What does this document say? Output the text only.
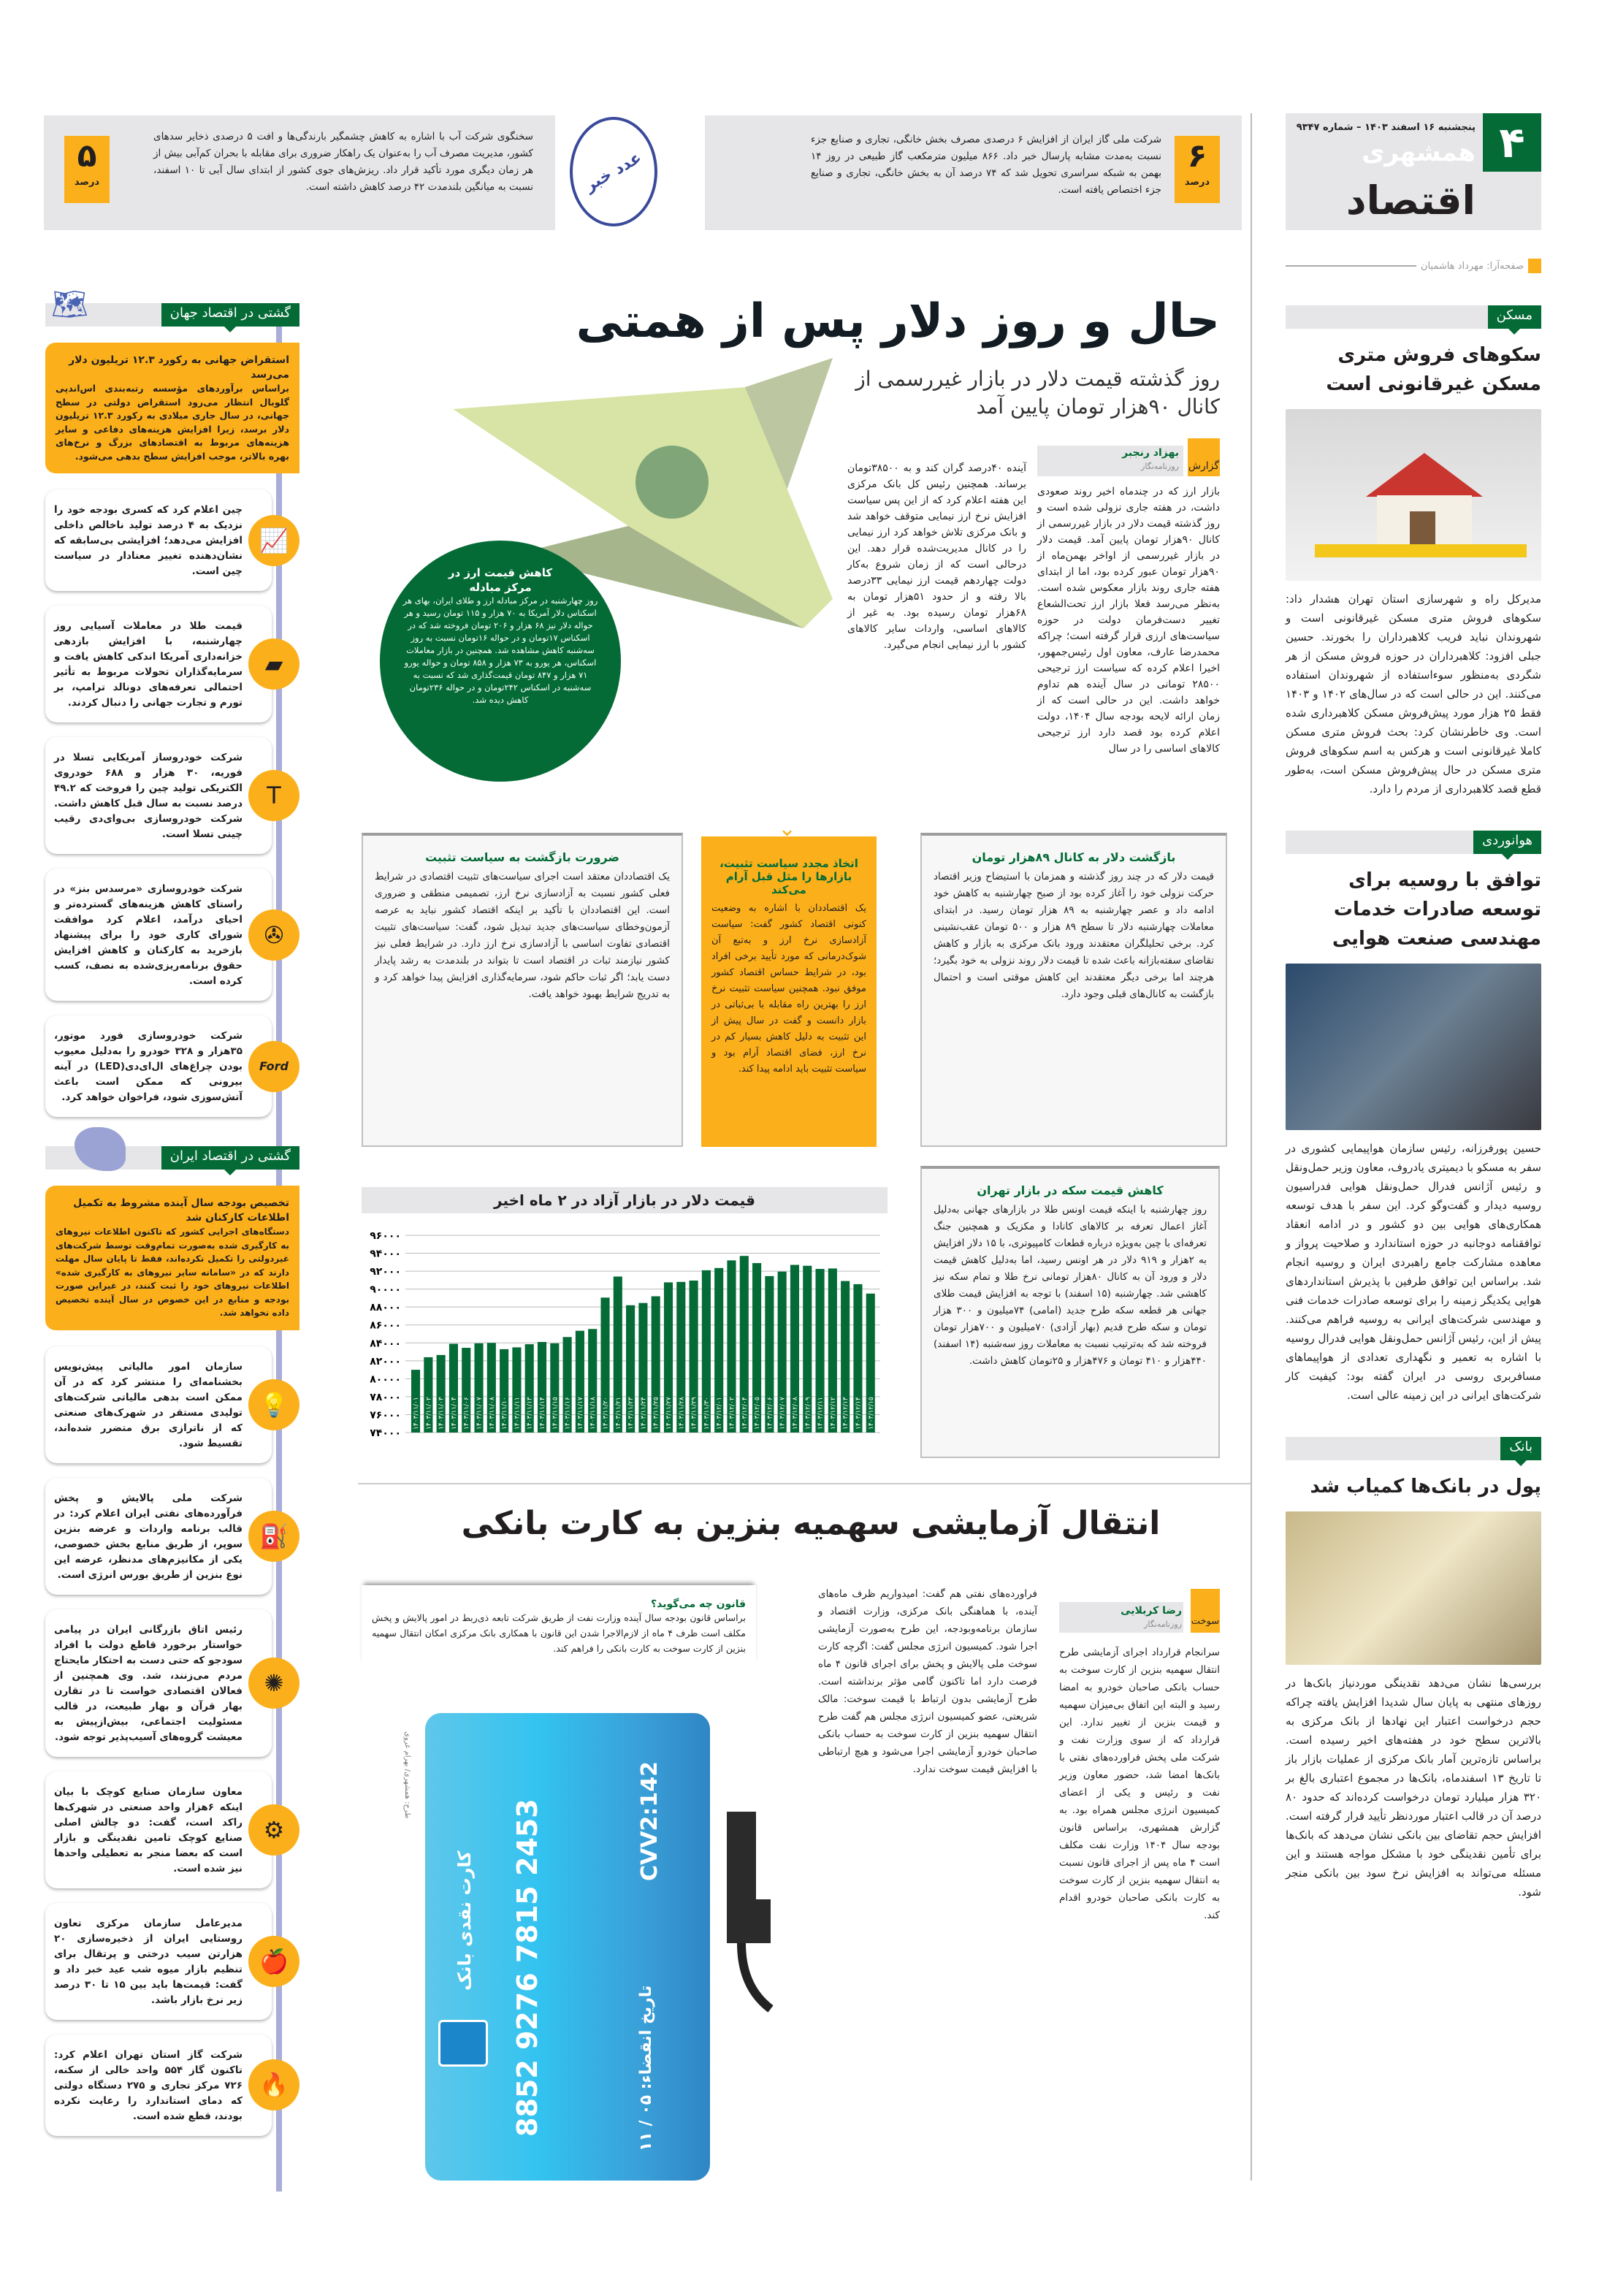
۴
پنجشنبه ۱۶ اسفند ۱۴۰۳ – شماره ۹۳۴۷
همشهری
اقتصاد
صفحه‌آرا: مهرداد هاشمیان
مسکن
سکوهای فروش متری مسکن غیرقانونی است
مدیرکل راه و شهرسازی استان تهران هشدار داد: سکوهای فروش متری مسکن غیرقانونی است و شهروندان نباید فریب کلاهبرداران را بخورند. حسین جبلی افزود: کلاهبرداران در حوزه فروش مسکن از هر شگردی به‌منظور سوءاستفاده از شهروندان استفاده می‌کنند. این در حالی است که در سال‌های ۱۴۰۲ و ۱۴۰۳ فقط ۲۵ هزار مورد پیش‌فروش مسکن کلاهبرداری شده است. وی خاطرنشان کرد: بحث فروش متری مسکن کاملا غیرقانونی است و هرکس به اسم سکوهای فروش متری مسکن در حال پیش‌فروش مسکن است، به‌طور قطع قصد کلاهبرداری از مردم را دارد.
هوانوردی
توافق با روسیه برای توسعه صادرات خدمات مهندسی صنعت هوایی
حسین پورفرزانه، رئیس سازمان هواپیمایی کشوری در سفر به مسکو با دیمیتری یادروف، معاون وزیر حمل‌ونقل و رئیس آژانس فدرال حمل‌ونقل هوایی فدراسیون روسیه دیدار و گفت‌وگو کرد. این سفر با هدف توسعه همکاری‌های هوایی بین دو کشور و در ادامه انعقاد توافقنامه دوجانبه در حوزه استاندارد و صلاحیت پرواز و معاهده مشارکت جامع راهبردی ایران و روسیه انجام شد. براساس این توافق طرفین با پذیرش استانداردهای هوایی یکدیگر زمینه را برای توسعه صادرات خدمات فنی و مهندسی شرکت‌های ایرانی به روسیه فراهم می‌کنند. پیش از این، رئیس آژانس حمل‌ونقل هوایی فدرال روسیه با اشاره به تعمیر و نگهداری تعدادی از هواپیماهای مسافربری روسی در ایران گفته بود: کیفیت کار شرکت‌های ایرانی در این زمینه عالی است.
بانک
پول در بانک‌ها کمیاب شد
بررسی‌ها نشان می‌دهد نقدینگی موردنیاز بانک‌ها در روزهای منتهی به پایان سال شدیدا افزایش یافته چراکه حجم درخواست اعتبار این نهادها از بانک مرکزی به بالاترین سطح خود در هفته‌های اخیر رسیده است. براساس تازه‌ترین آمار بانک مرکزی از عملیات بازار باز تا تاریخ ۱۳ اسفندماه، بانک‌ها در مجموع اعتباری بالغ بر ۳۲۰ هزار میلیارد تومان درخواست کرده‌اند که حدود ۸۰ درصد آن در قالب اعتبار موردنظر تأیید قرار گرفته است. افزایش حجم تقاضای بین بانکی نشان می‌دهد که بانک‌ها برای تأمین نقدینگی خود با مشکل مواجه هستند و این مسئله می‌تواند به افزایش نرخ سود بین بانکی منجر شود.
۶
درصد
شرکت ملی گاز ایران از افزایش ۶ درصدی مصرف بخش خانگی، تجاری و صنایع جزء نسبت به‌مدت مشابه پارسال خبر داد. ۸۶۶ میلیون مترمکعب گاز طبیعی در روز ۱۴ بهمن به شبکه سراسری تحویل شد که ۷۴ درصد آن به بخش خانگی، تجاری و صنایع جزء اختصاص یافته است.
۵
درصد
سخنگوی شرکت آب با اشاره به کاهش چشمگیر بارندگی‌ها و افت ۵ درصدی ذخایر سدهای کشور، مدیریت مصرف آب را به‌عنوان یک راهکار ضروری برای مقابله با بحران کم‌آبی بیش از هر زمان دیگری مورد تأکید قرار داد. ریزش‌های جوی کشور از ابتدای سال آبی تا ۱۰ اسفند، نسبت به میانگین بلندمدت ۴۲ درصد کاهش داشته است.	عدد خبر
حال و روز دلار پس از همتی
روز گذشته قیمت دلار در بازار غیررسمی از کانال ۹۰هزار تومان پایین آمد
گزارش
بهزاد رنجبر
روزنامه‌نگار
بازار ارز که در چندماه اخیر روند صعودی داشت، در هفته جاری نزولی شده است و روز گذشته قیمت دلار در بازار غیررسمی از کانال ۹۰هزار تومان پایین آمد. قیمت دلار در بازار غیررسمی از اواخر بهمن‌ماه از ۹۰هزار تومان عبور کرده بود، اما از ابتدای هفته جاری روند بازار معکوس شده است. به‌نظر می‌رسد فعلا بازار ارز تحت‌الشعاع تغییر دست‌فرمان دولت در حوزه سیاست‌های ارزی قرار گرفته است؛ چراکه محمدرضا عارف، معاون اول رئیس‌جمهور، اخیرا اعلام کرده که سیاست ارز ترجیحی ۲۸۵۰۰ تومانی در سال آینده هم تداوم خواهد داشت. این در حالی است که از زمان ارائه لایحه بودجه سال ۱۴۰۴، دولت اعلام کرده بود قصد دارد ارز ترجیحی کالاهای اساسی را در سال
آینده ۴۰درصد گران کند و به ۳۸۵۰۰تومان برساند. همچنین رئیس کل بانک مرکزی این هفته اعلام کرد که از این پس سیاست افزایش نرخ ارز نیمایی متوقف خواهد شد و بانک مرکزی تلاش خواهد کرد ارز نیمایی را در کانال مدیریت‌شده قرار دهد. این درحالی است که از زمان شروع به‌کار دولت چهاردهم قیمت ارز نیمایی ۳۳درصد بالا رفته و از حدود ۵۱هزار تومان به ۶۸هزار تومان رسیده بود. به غیر از کالاهای اساسی، واردات سایر کالاهای کشور با ارز نیمایی انجام می‌گیرد.
کاهش قیمت ارز در مرکز مبادله
روز چهارشنبه در مرکز مبادله ارز و طلای ایران، بهای هر اسکناس دلار آمریکا به ۷۰ هزار و ۱۱۵ تومان رسید و هر حواله دلار نیز ۶۸ هزار و ۲۰۶ تومان فروخته شد که در اسکناس ۱۷تومان و در حواله ۱۶تومان نسبت به روز سه‌شنبه کاهش مشاهده شد. همچنین در بازار معاملات اسکناس، هر یورو به ۷۳ هزار و ۸۵۸ تومان و حواله یورو ۷۱ هزار و ۸۴۷ تومان قیمت‌گذاری شد که نسبت به سه‌شنبه در اسکناس ۲۴۲تومان و در حواله ۲۳۶تومان کاهش دیده شد.
بازگشت دلار به کانال ۸۹هزار تومان
قیمت دلار که در چند روز گذشته و همزمان با استیضاح وزیر اقتصاد حرکت نزولی خود را آغاز کرده بود از صبح چهارشنبه به کاهش خود ادامه داد و عصر چهارشنبه به ۸۹ هزار تومان رسید. در ابتدای معاملات چهارشنبه دلار تا سطح ۸۹ هزار و ۵۰۰ تومان عقب‌نشینی کرد. برخی تحلیلگران معتقدند ورود بانک مرکزی به بازار و کاهش تقاضای سفته‌بازانه باعث شده تا قیمت دلار روند نزولی به خود بگیرد؛ هرچند اما برخی دیگر معتقدند این کاهش موقتی است و احتمال بازگشت به کانال‌های قبلی وجود دارد.
⌄
اتخاذ مجدد سیاست تثبیت، بازارها را مثل قبل آرام می‌کند
یک اقتصاددان با اشاره به وضعیت کنونی اقتصاد کشور گفت: سیاست آزادسازی نرخ ارز و به‌تبع آن شوک‌درمانی که مورد تأیید برخی افراد بود، در شرایط حساس اقتصاد کشور موفق نبود. همچنین سیاست تثبیت نرخ ارز را بهترین راه مقابله با بی‌ثباتی در بازار دانست و گفت در سال پیش از این تثبیت به دلیل کاهش بسیار کم در نرخ ارز، فضای اقتصاد آرام بود و سیاست تثبیت باید ادامه پیدا کند.
ضرورت بازگشت به سیاست تثبیت
یک اقتصاددان معتقد است اجرای سیاست‌های تثبیت اقتصادی در شرایط فعلی کشور نسبت به آزادسازی نرخ ارز، تصمیمی منطقی و ضروری است. این اقتصاددان با تأکید بر اینکه اقتصاد کشور نباید به عرصه آزمون‌وخطای سیاست‌های جدید تبدیل شود، گفت: سیاست‌های تثبیت اقتصادی تفاوت اساسی با آزادسازی نرخ ارز دارد. در شرایط فعلی نیز کشور نیازمند ثبات در اقتصاد است تا بتواند در بلندمدت به رشد پایدار دست یابد؛ اگر ثبات حاکم شود، سرمایه‌گذاری افزایش پیدا خواهد کرد و به تدریج شرایط بهبود خواهد یافت.
قیمت دلار در بازار آزاد در ۲ ماه اخیر
۷۴۰۰۰
۷۶۰۰۰
۷۸۰۰۰
۸۰۰۰۰
۸۲۰۰۰
۸۴۰۰۰
۸۶۰۰۰
۸۸۰۰۰
۹۰۰۰۰
۹۲۰۰۰
۹۴۰۰۰
۹۶۰۰۰
۱۴۰۳/۱۱/۰۱ ۱۴۰۳/۱۱/۰۲ ۱۴۰۳/۱۱/۰۳ ۱۴۰۳/۱۱/۰۴ ۱۴۰۳/۱۱/۰۶ ۱۴۰۳/۱۱/۰۷ ۱۴۰۳/۱۱/۰۸ ۱۴۰۳/۱۱/۱۰ ۱۴۰۳/۱۱/۱۱ ۱۴۰۳/۱۱/۱۳ ۱۴۰۳/۱۱/۱۴ ۱۴۰۳/۱۱/۱۵ ۱۴۰۳/۱۱/۱۶ ۱۴۰۳/۱۱/۱۷ ۱۴۰۳/۱۱/۱۸ ۱۴۰۳/۱۱/۲۰ ۱۴۰۳/۱۱/۲۱ ۱۴۰۳/۱۱/۲۳ ۱۴۰۳/۱۱/۲۴ ۱۴۰۳/۱۱/۲۵ ۱۴۰۳/۱۱/۲۷ ۱۴۰۳/۱۱/۲۸ ۱۴۰۳/۱۱/۲۹ ۱۴۰۳/۱۱/۳۰ ۱۴۰۳/۱۲/۰۱ ۱۴۰۳/۱۲/۰۲ ۱۴۰۳/۱۲/۰۴ ۱۴۰۳/۱۲/۰۵ ۱۴۰۳/۱۲/۰۶ ۱۴۰۳/۱۲/۰۷ ۱۴۰۳/۱۲/۰۸ ۱۴۰۳/۱۲/۰۹ ۱۴۰۳/۱۲/۱۱ ۱۴۰۳/۱۲/۱۲ ۱۴۰۳/۱۲/۱۳ ۱۴۰۳/۱۲/۱۴ ۱۴۰۳/۱۲/۱۵
کاهش قیمت سکه در بازار تهران
روز چهارشنبه با اینکه قیمت اونس طلا در بازارهای جهانی به‌دلیل آغاز اعمال تعرفه بر کالاهای کانادا و مکزیک و همچنین جنگ تعرفه‌ای با چین به‌ویژه درباره قطعات کامپیوتری، با ۱۵ دلار افزایش به ۲هزار و ۹۱۹ دلار در هر اونس رسید، اما به‌دلیل کاهش قیمت دلار و ورود آن به کانال ۸۰هزار تومانی نرخ طلا و تمام سکه نیز کاهشی شد. چهارشنبه (۱۵ اسفند) با توجه به افزایش قیمت طلای جهانی هر قطعه سکه طرح جدید (امامی) ۷۴میلیون و ۳۰۰ هزار تومان و سکه طرح قدیم (بهار آزادی) ۷۰میلیون و ۷۰۰هزار تومان فروخته شد که به‌ترتیب نسبت به معاملات روز سه‌شنبه (۱۴ اسفند) ۴۴۰هزار و ۴۱۰ تومان و ۴۷۶هزار و ۲۵تومان کاهش داشت.
انتقال آزمایشی سهمیه بنزین به کارت بانکی
سوخت
رضا کربلایی
روزنامه‌نگار
سرانجام قرارداد اجرای آزمایشی طرح انتقال سهمیه بنزین از کارت سوخت به حساب بانکی صاحبان خودرو به امضا رسید و البته این اتفاق بی‌میزان سهمیه و قیمت بنزین از تغییر ندارد. این قرارداد که از سوی وزارت نفت و شرکت ملی پخش فراورده‌های نفتی با بانک‌ها امضا شد، حضور معاون وزیر نفت و رئیس و یکی از اعضای کمیسیون انرژی مجلس همراه بود. به گزارش همشهری، براساس قانون بودجه سال ۱۴۰۴ وزارت نفت مکلف است ۴ ماه پس از اجرای قانون نسبت به انتقال سهمیه بنزین از کارت سوخت به کارت بانکی صاحبان خودرو اقدام کند.
فراورده‌های نفتی هم گفت: امیدواریم ظرف ماه‌های آینده، با هماهنگی بانک مرکزی، وزارت اقتصاد و سازمان برنامه‌وبودجه، این طرح به‌صورت آزمایشی اجرا شود. کمیسیون انرژی مجلس گفت: اگرچه کارت سوخت ملی پالایش و پخش برای اجرای قانون ۴ ماه فرصت دارد اما تاکنون گامی مؤثر برنداشته است. طرح آزمایشی بدون ارتباط با قیمت سوخت: مالک شریعتی، عضو کمیسیون انرژی مجلس هم گفت طرح انتقال سهمیه بنزین از کارت سوخت به حساب بانکی صاحبان خودرو آزمایشی اجرا می‌شود و هیچ ارتباطی با افزایش قیمت سوخت ندارد.
قانون چه می‌گوید؟
براساس قانون بودجه سال آینده وزارت نفت از طریق شرکت تابعه ذی‌ربط در امور پالایش و پخش مکلف است ظرف ۴ ماه از لازم‌الاجرا شدن این قانون با همکاری بانک مرکزی امکان انتقال سهمیه بنزین از کارت سوخت به کارت بانکی را فراهم کند.
کارت نقدی بانک 8852 9276 7815 2453	CVV2:142
تاریخ انقضاء: ۰۵ / ۱۱
طرح: همشهری/ بهرام غروی
گشتی در اقتصاد جهان
استقراض جهانی به رکورد ۱۲.۳ تریلیون دلار می‌رسد
براساس برآوردهای مؤسسه رتبه‌بندی اس‌اند‌پی گلوبال انتظار می‌رود استقراض دولتی در سطح جهانی، در سال جاری میلادی به رکورد ۱۲.۳ تریلیون دلار برسد، زیرا افزایش هزینه‌های دفاعی و سایر هزینه‌های مربوط به اقتصادهای بزرگ و نرخ‌های بهره بالاتر، موجب افزایش سطح بدهی می‌شود.
چین اعلام کرد که کسری بودجه خود را نزدیک به ۴ درصد تولید ناخالص داخلی افزایش می‌دهد؛ افزایشی بی‌سابقه که نشان‌دهنده تغییر معنادار در سیاست چین است.
📈
قیمت طلا در معاملات آسیایی روز چهارشنبه، با افزایش بازدهی خزانه‌داری آمریکا اندکی کاهش یافت و سرمایه‌گذاران تحولات مربوط به تأثیر احتمالی تعرفه‌های دونالد ترامپ، بر تورم و تجارت جهانی را دنبال کردند.
▰
شرکت خودروساز آمریکایی تسلا در فوریه، ۳۰ هزار و ۶۸۸ خودروی الکتریکی تولید چین را فروخت که ۴۹.۲ درصد نسبت به سال قبل کاهش داشت. شرکت خودروسازی بی‌وای‌دی رقیب چینی تسلا است.
T
شرکت خودروسازی «مرسدس بنز» در راستای کاهش هزینه‌های گسترده‌تر و احیای درآمد، اعلام کرد موافقت شورای کاری خود را برای پیشنهاد بازخرید به کارکنان و کاهش افزایش حقوق برنامه‌ریزی‌شده به نصف، کسب کرده است.
✇
شرکت خودروسازی فورد موتور، ۳۵هزار و ۳۲۸ خودرو را به‌دلیل معیوب بودن چراغ‌های ال‌ای‌دی(LED) در آینه بیرونی که ممکن است باعث آتش‌سوزی شود، فراخوان خواهد کرد.
Ford
گشتی در اقتصاد ایران
تخصیص بودجه سال آینده مشروط به تکمیل اطلاعات کارکنان شد
دستگاه‌های اجرایی کشور که تاکنون اطلاعات نیروهای به کارگیری شده به‌صورت تمام‌وقت توسط شرکت‌های غیردولتی را تکمیل نکرده‌اند، فقط تا پایان سال مهلت دارند که در «سامانه سایر نیروهای به کارگیری شده» اطلاعات نیروهای خود را ثبت کنند، در غیراین صورت بودجه و منابع در این خصوص در سال آینده تخصیص داده نخواهد شد.
سازمان امور مالیاتی پیش‌نویس بخشنامه‌ای را منتشر کرد که در آن ممکن است بدهی مالیاتی شرکت‌های تولیدی مستقر در شهرک‌های صنعتی که از ناترازی برق متضرر شده‌اند، تقسیط شود.
💡
شرکت ملی پالایش و پخش فرآورده‌های نفتی ایران اعلام کرد: در قالب برنامه واردات و عرضه بنزین سوپر، از طریق منابع بخش خصوصی، یکی از مکانیزم‌های مدنظر، عرضه این نوع بنزین از طریق بورس انرژی است.
⛽
رئیس اتاق بازرگانی ایران در پیامی خواستار برخورد قاطع دولت با افراد سودجو که حتی دست به احتکار مایحتاج مردم می‌زنند، شد. وی همچنین از فعالان اقتصادی خواست تا در تقارن بهار قرآن و بهار طبیعت، در قالب مسئولیت اجتماعی، بیش‌از‌پیش به معیشت گروه‌های آسیب‌پذیر توجه شود.
✺
معاون سازمان صنایع کوچک با بیان اینکه ۶هزار واحد صنعتی در شهرک‌ها راکد است، گفت: دو چالش اصلی صنایع کوچک تامین نقدینگی و بازار است که بعضا منجر به تعطیلی واحدها نیز شده است.
⚙
مدیرعامل سازمان مرکزی تعاون روستایی ایران از ذخیره‌سازی ۲۰ هزارتن سیب درختی و پرتقال برای تنظیم بازار میوه شب عید خبر داد و گفت: قیمت‌ها باید بین ۱۵ تا ۳۰ درصد زیر نرخ بازار باشد.
🍎
شرکت گاز استان تهران اعلام کرد: تاکنون گاز ۵۵۴ واحد خالی از سکنه، ۷۲۶ مرکز تجاری و ۲۷۵ دستگاه دولتی که دمای استاندارد را رعایت نکرده بودند، قطع شده است.
🔥
🗺
